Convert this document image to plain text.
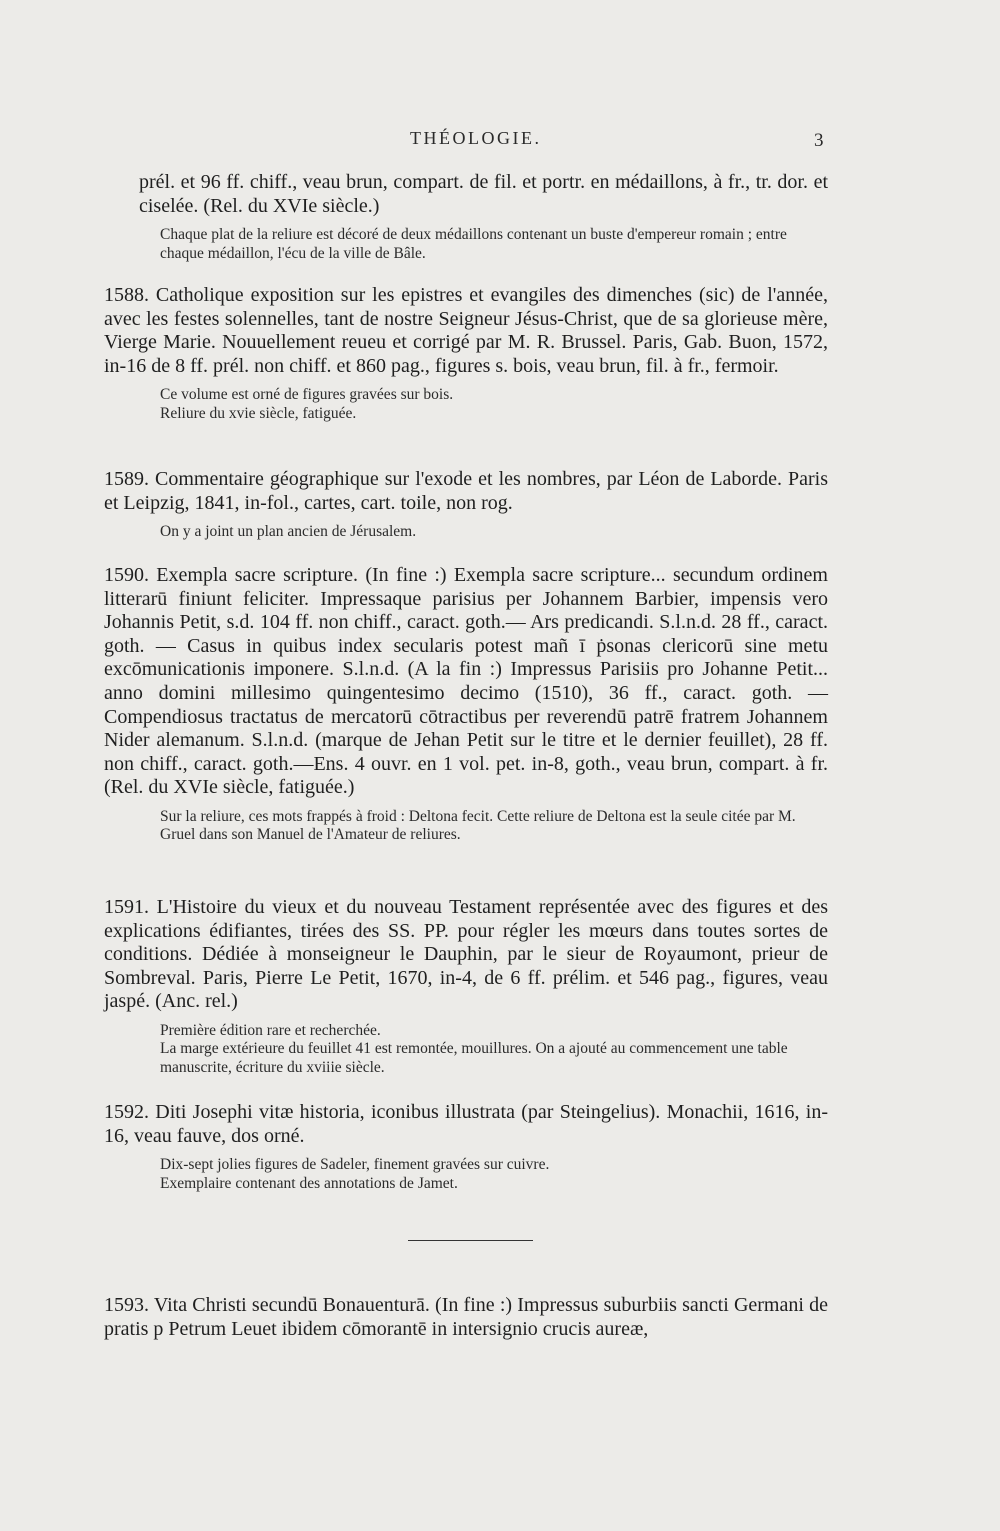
THÉOLOGIE.	3

prél. et 96 ff. chiff., veau brun, compart. de fil. et portr. en médaillons, à fr., tr. dor. et ciselée. (Rel. du XVIe siècle.)

Chaque plat de la reliure est décoré de deux médaillons contenant un buste d'empereur romain ; entre chaque médaillon, l'écu de la ville de Bâle.

1588. Catholique exposition sur les epistres et evangiles des dimenches (sic) de l'année, avec les festes solennelles, tant de nostre Seigneur Jésus-Christ, que de sa glorieuse mère, Vierge Marie. Nouuellement reueu et corrigé par M. R. Brussel. Paris, Gab. Buon, 1572, in-16 de 8 ff. prél. non chiff. et 860 pag., figures s. bois, veau brun, fil. à fr., fermoir.

Ce volume est orné de figures gravées sur bois.
Reliure du xvie siècle, fatiguée.

1589. Commentaire géographique sur l'exode et les nombres, par Léon de Laborde. Paris et Leipzig, 1841, in-fol., cartes, cart. toile, non rog.

On y a joint un plan ancien de Jérusalem.

1590. Exempla sacre scripture. (In fine :) Exempla sacre scripture... secundum ordinem litterarū finiunt feliciter. Impressaque parisius per Johannem Barbier, impensis vero Johannis Petit, s.d. 104 ff. non chiff., caract. goth.— Ars predicandi. S.l.n.d. 28 ff., caract. goth. — Casus in quibus index secularis potest mañ ī ṗsonas clericorū sine metu excōmunicationis imponere. S.l.n.d. (A la fin :) Impressus Parisiis pro Johanne Petit... anno domini millesimo quingentesimo decimo (1510), 36 ff., caract. goth. — Compendiosus tractatus de mercatorū cōtractibus per reverendū patrē fratrem Johannem Nider alemanum. S.l.n.d. (marque de Jehan Petit sur le titre et le dernier feuillet), 28 ff. non chiff., caract. goth.—Ens. 4 ouvr. en 1 vol. pet. in-8, goth., veau brun, compart. à fr. (Rel. du XVIe siècle, fatiguée.)

Sur la reliure, ces mots frappés à froid : Deltona fecit. Cette reliure de Deltona est la seule citée par M. Gruel dans son Manuel de l'Amateur de reliures.

1591. L'Histoire du vieux et du nouveau Testament représentée avec des figures et des explications édifiantes, tirées des SS. PP. pour régler les mœurs dans toutes sortes de conditions. Dédiée à monseigneur le Dauphin, par le sieur de Royaumont, prieur de Sombreval. Paris, Pierre Le Petit, 1670, in-4, de 6 ff. prélim. et 546 pag., figures, veau jaspé. (Anc. rel.)

Première édition rare et recherchée.
La marge extérieure du feuillet 41 est remontée, mouillures. On a ajouté au commencement une table manuscrite, écriture du xviiie siècle.

1592. Diti Josephi vitæ historia, iconibus illustrata (par Steingelius). Monachii, 1616, in-16, veau fauve, dos orné.

Dix-sept jolies figures de Sadeler, finement gravées sur cuivre.
Exemplaire contenant des annotations de Jamet.

1593. Vita Christi secundū Bonauenturā. (In fine :) Impressus suburbiis sancti Germani de pratis p Petrum Leuet ibidem cōmorantē in intersignio crucis aureæ,
